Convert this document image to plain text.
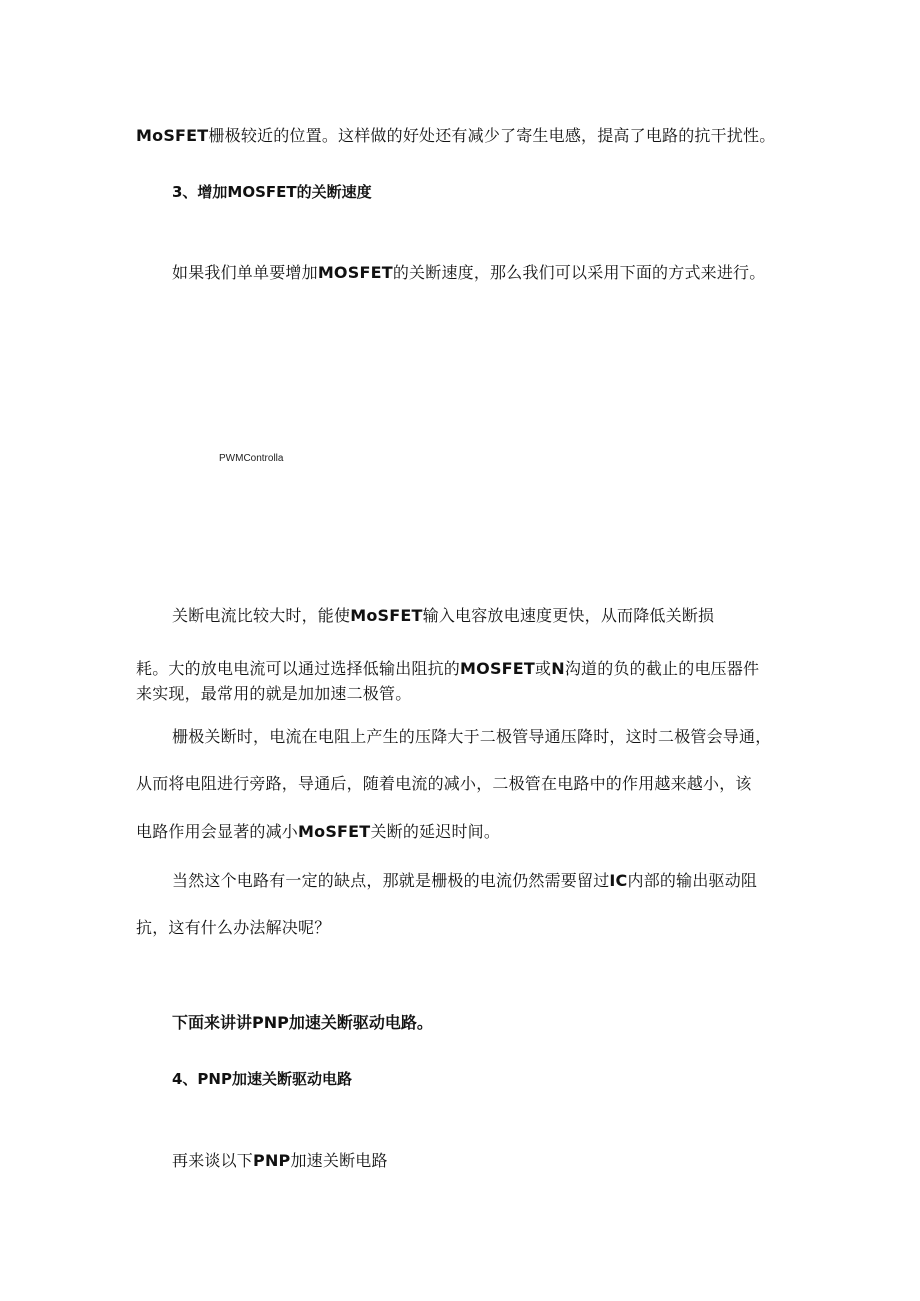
MoSFET栅极较近的位置。这样做的好处还有减少了寄生电感，提高了电路的抗干扰性。
3、增加MOSFET的关断速度
如果我们单单要增加MOSFET的关断速度，那么我们可以采用下面的方式来进行。
PWMControlla
关断电流比较大时，能使MoSFET输入电容放电速度更快，从而降低关断损
耗。大的放电电流可以通过选择低输出阻抗的MOSFET或N沟道的负的截止的电压器件
来实现，最常用的就是加加速二极管。
栅极关断时，电流在电阻上产生的压降大于二极管导通压降时，这时二极管会导通，
从而将电阻进行旁路，导通后，随着电流的减小，二极管在电路中的作用越来越小，该
电路作用会显著的减小MoSFET关断的延迟时间。
当然这个电路有一定的缺点，那就是栅极的电流仍然需要留过IC内部的输出驱动阻
抗，这有什么办法解决呢？
下面来讲讲PNP加速关断驱动电路。
4、PNP加速关断驱动电路
再来谈以下PNP加速关断电路
